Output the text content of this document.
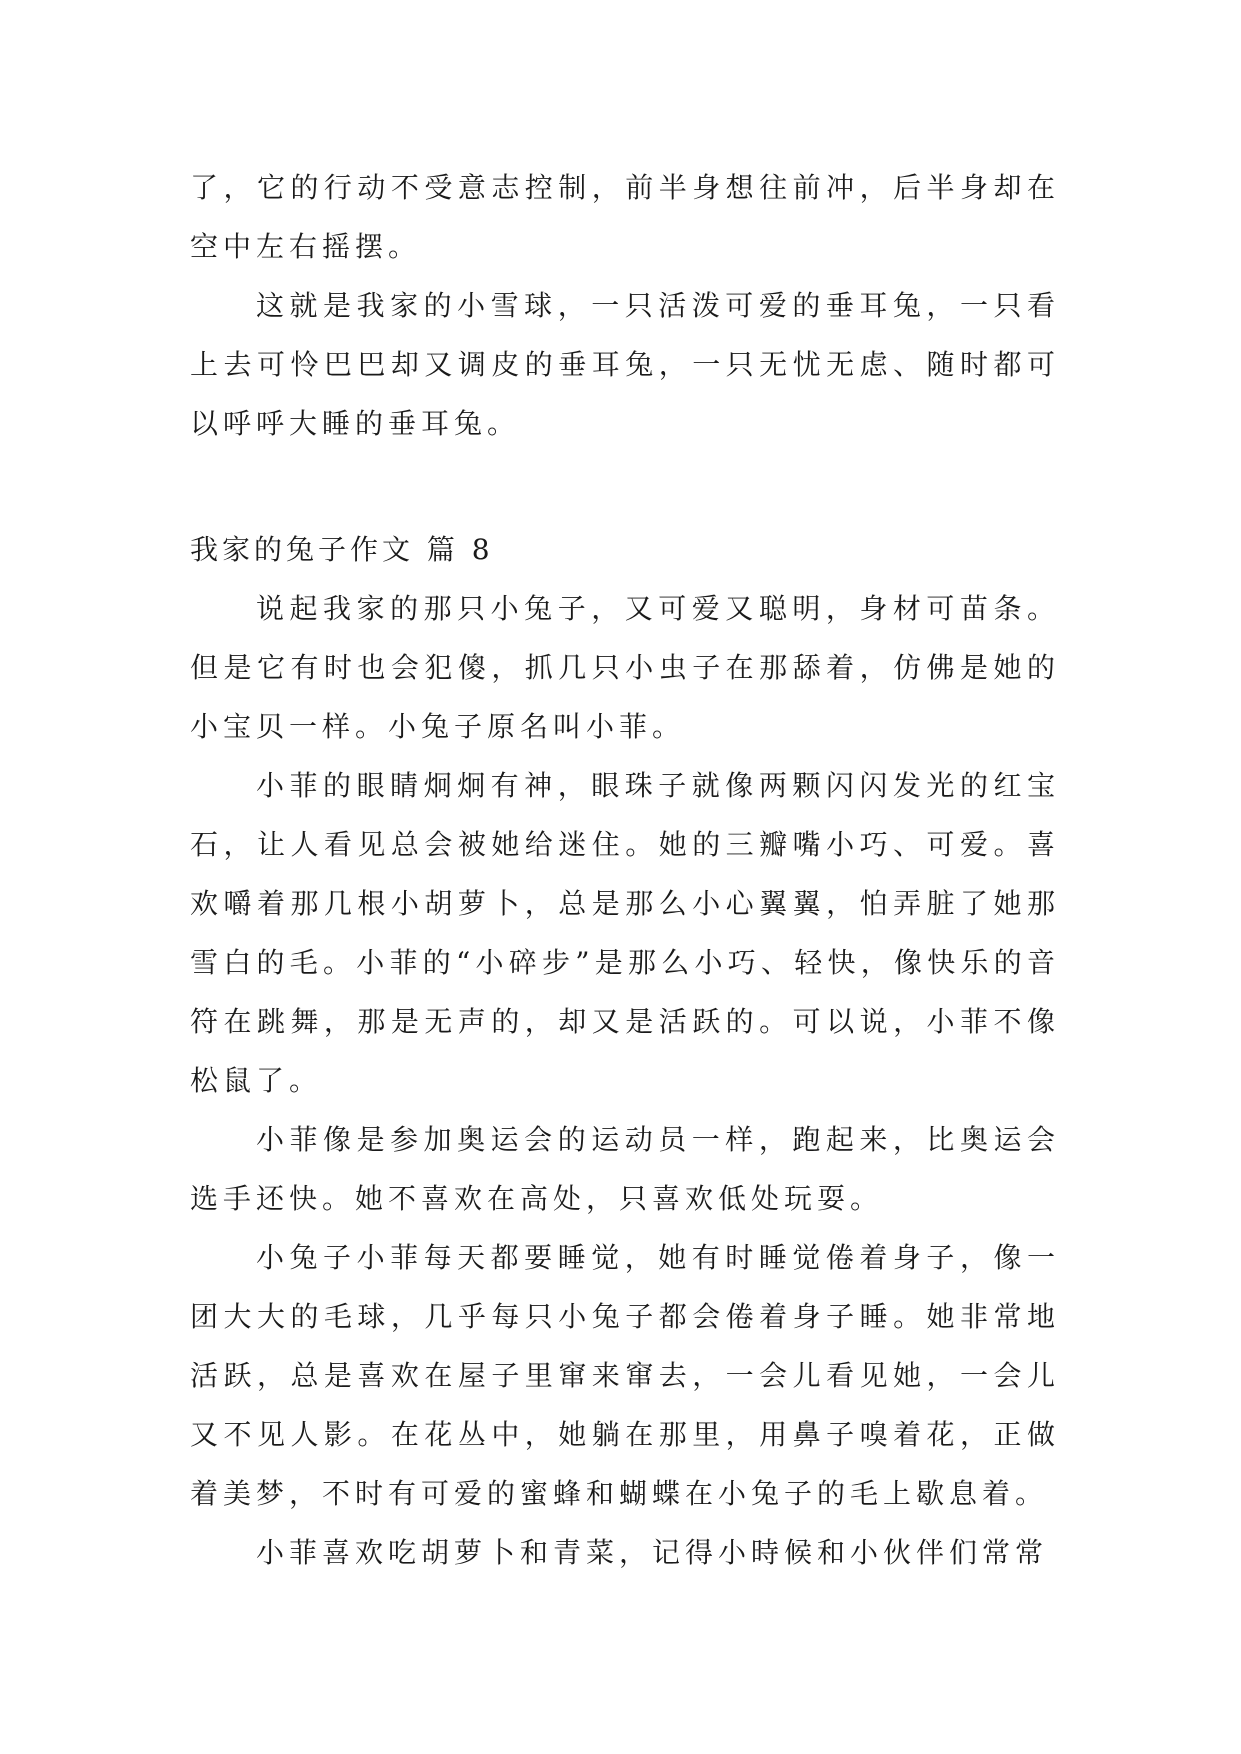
了，它的行动不受意志控制，前半身想往前冲，后半身却在空中左右摇摆。

这就是我家的小雪球，一只活泼可爱的垂耳兔，一只看上去可怜巴巴却又调皮的垂耳兔，一只无忧无虑、随时都可以呼呼大睡的垂耳兔。

我家的兔子作文 篇 8

说起我家的那只小兔子，又可爱又聪明，身材可苗条。但是它有时也会犯傻，抓几只小虫子在那舔着，仿佛是她的小宝贝一样。小兔子原名叫小菲。

小菲的眼睛炯炯有神，眼珠子就像两颗闪闪发光的红宝石，让人看见总会被她给迷住。她的三瓣嘴小巧、可爱。喜欢嚼着那几根小胡萝卜，总是那么小心翼翼，怕弄脏了她那雪白的毛。小菲的“小碎步”是那么小巧、轻快，像快乐的音符在跳舞，那是无声的，却又是活跃的。可以说，小菲不像松鼠了。

小菲像是参加奥运会的运动员一样，跑起来，比奥运会选手还快。她不喜欢在高处，只喜欢低处玩耍。

小兔子小菲每天都要睡觉，她有时睡觉倦着身子，像一团大大的毛球，几乎每只小兔子都会倦着身子睡。她非常地活跃，总是喜欢在屋子里窜来窜去，一会儿看见她，一会儿又不见人影。在花丛中，她躺在那里，用鼻子嗅着花，正做着美梦，不时有可爱的蜜蜂和蝴蝶在小兔子的毛上歇息着。

小菲喜欢吃胡萝卜和青菜，记得小時候和小伙伴们常常
